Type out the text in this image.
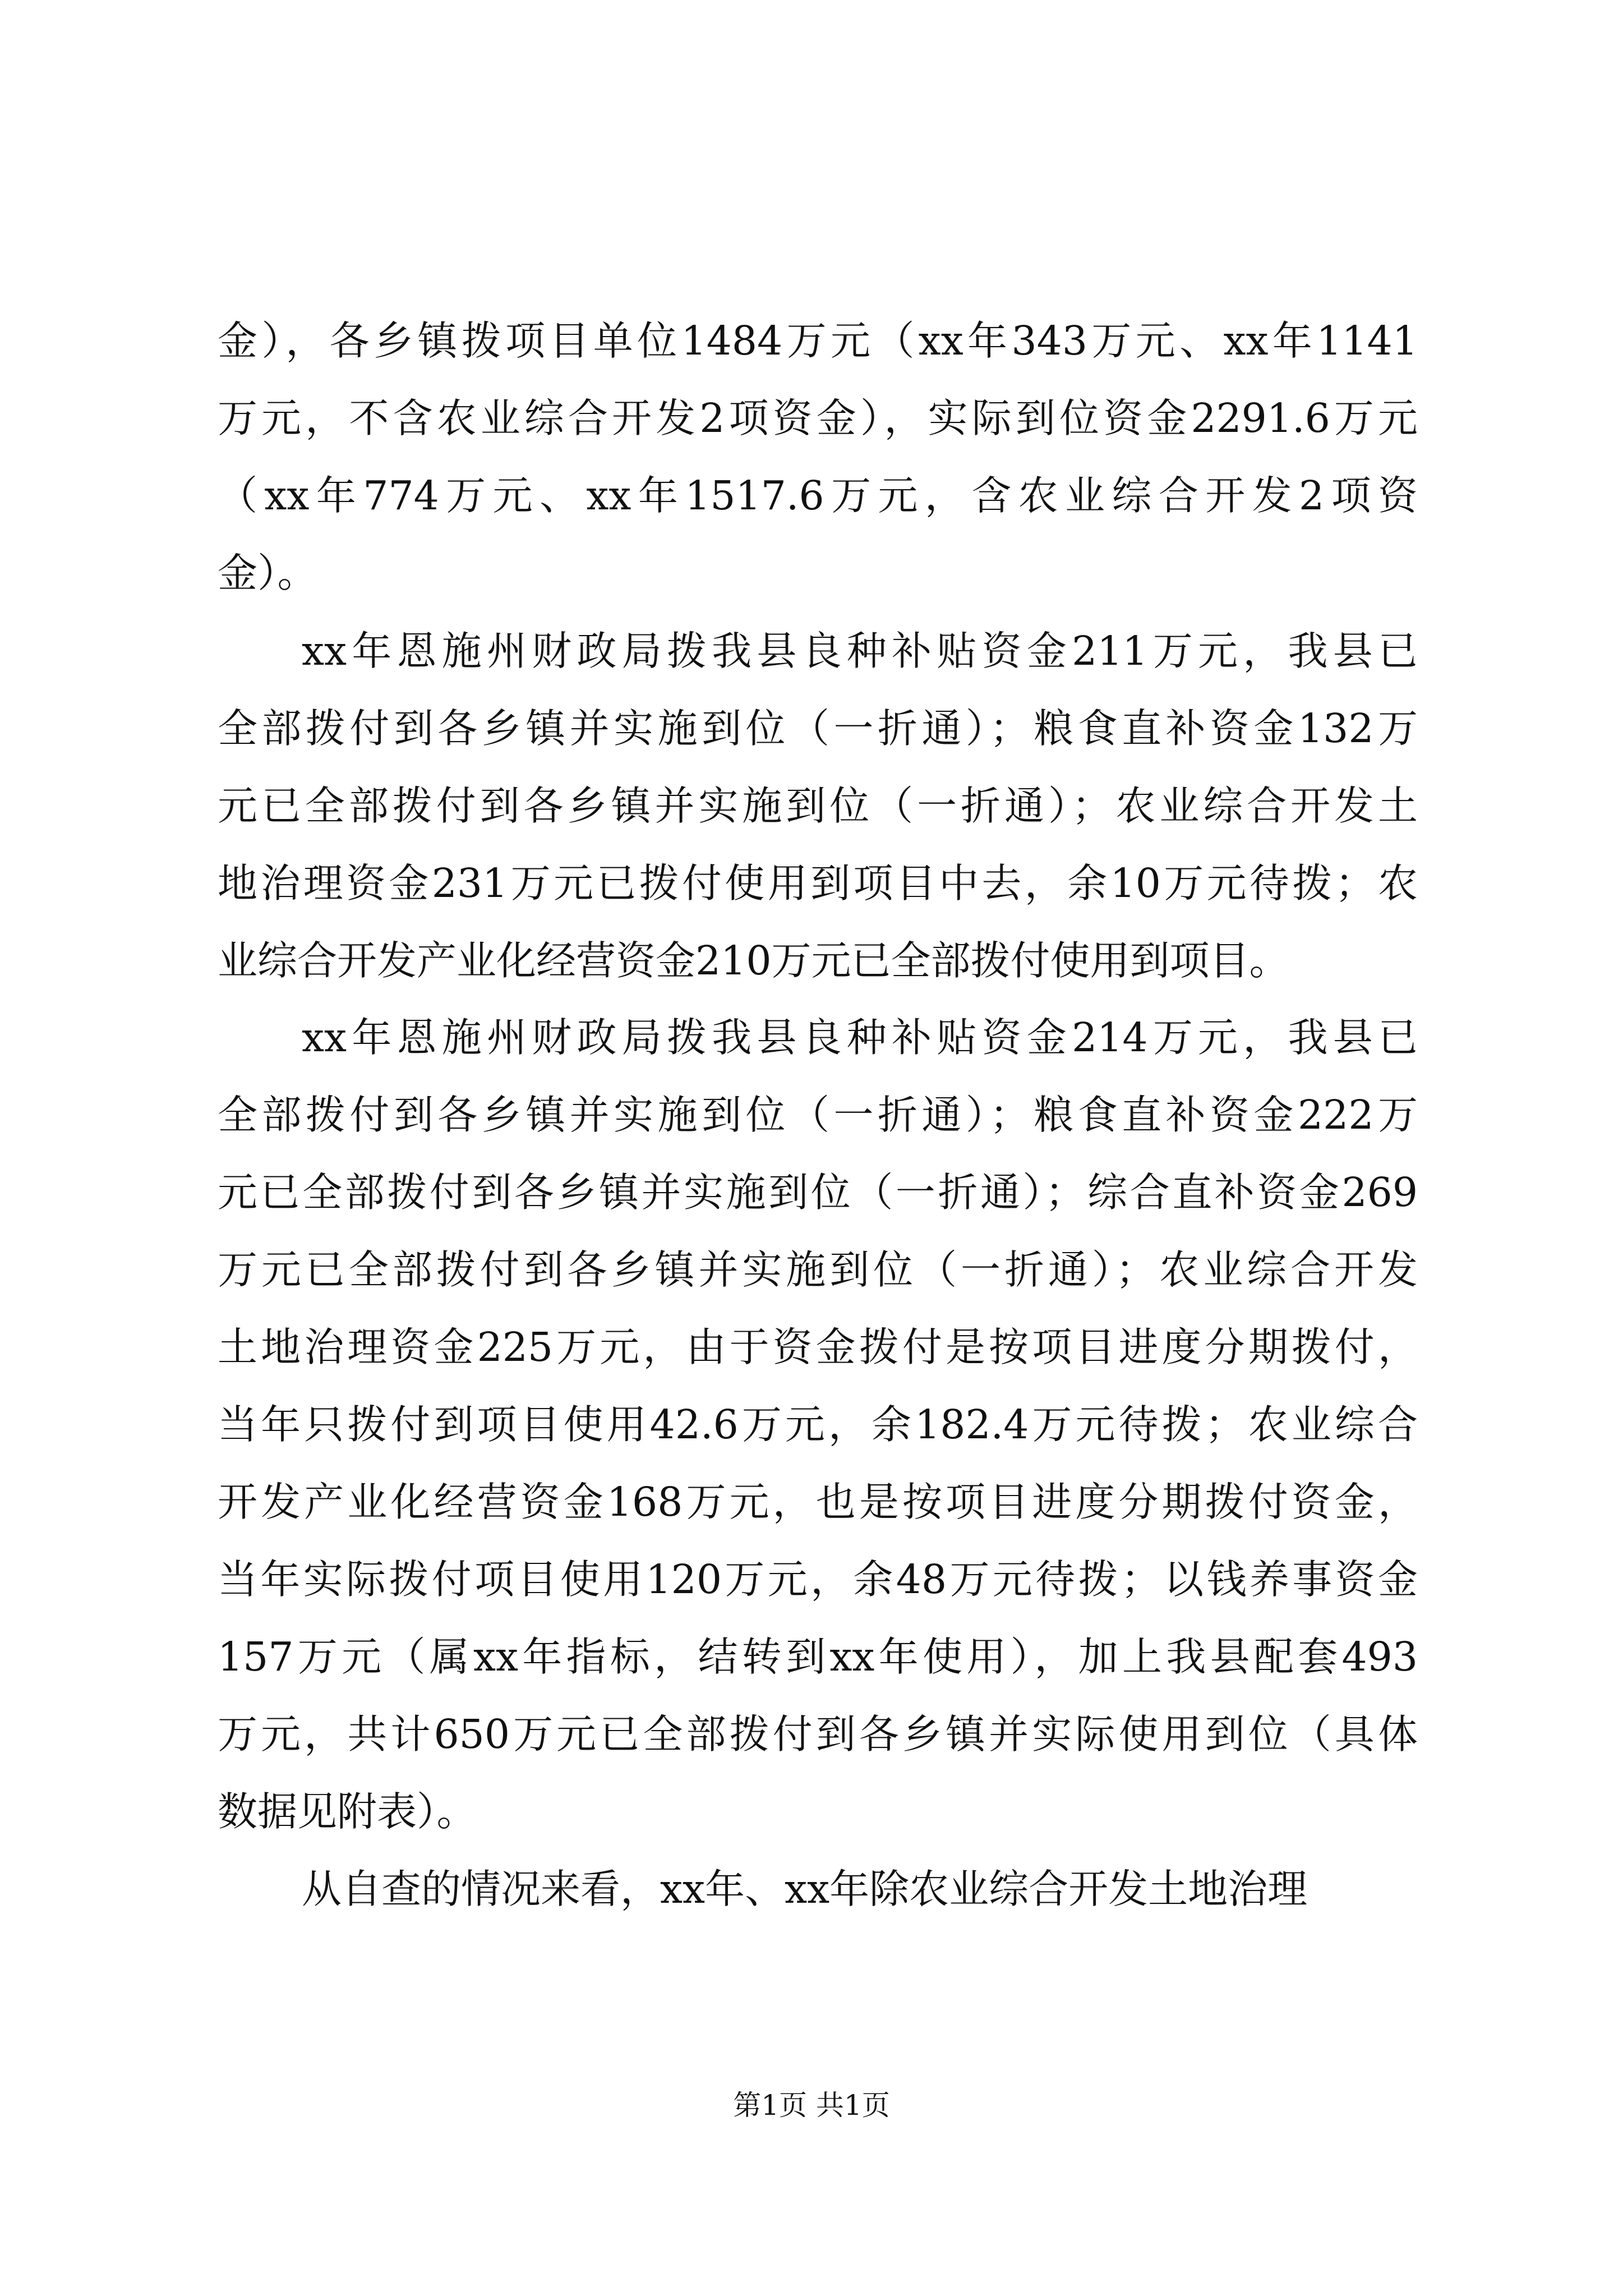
金），各乡镇拨项目单位1484万元（xx年343万元、xx年1141
万元，不含农业综合开发2项资金），实际到位资金2291.6万元
（xx年774万元、xx年1517.6万元，含农业综合开发2项资
金）。
xx年恩施州财政局拨我县良种补贴资金211万元，我县已
全部拨付到各乡镇并实施到位（一折通）；粮食直补资金132万
元已全部拨付到各乡镇并实施到位（一折通）；农业综合开发土
地治理资金231万元已拨付使用到项目中去，余10万元待拨；农
业综合开发产业化经营资金210万元已全部拨付使用到项目。
xx年恩施州财政局拨我县良种补贴资金214万元，我县已
全部拨付到各乡镇并实施到位（一折通）；粮食直补资金222万
元已全部拨付到各乡镇并实施到位（一折通）；综合直补资金269
万元已全部拨付到各乡镇并实施到位（一折通）；农业综合开发
土地治理资金225万元，由于资金拨付是按项目进度分期拨付，
当年只拨付到项目使用42.6万元，余182.4万元待拨；农业综合
开发产业化经营资金168万元，也是按项目进度分期拨付资金，
当年实际拨付项目使用120万元，余48万元待拨；以钱养事资金
157万元（属xx年指标，结转到xx年使用），加上我县配套493
万元，共计650万元已全部拨付到各乡镇并实际使用到位（具体
数据见附表）。
从自查的情况来看，xx年、xx年除农业综合开发土地治理
第1页 共1页
